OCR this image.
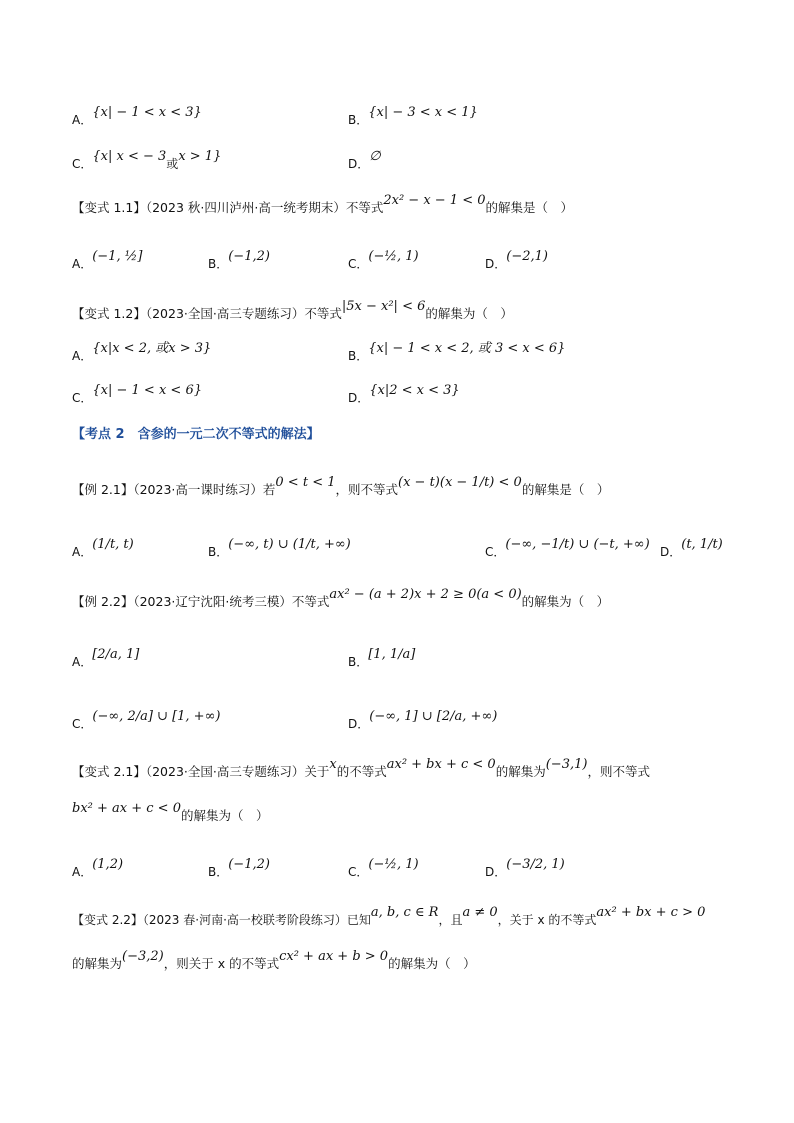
A．{x| − 1 < x < 3}	B．{x| − 3 < x < 1}
C．{x| x < − 3或x > 1}	D．∅
【变式 1.1】（2023 秋·四川泸州·高一统考期末）不等式2x² − x − 1 < 0的解集是（　）
A．(−1, ½]	B．(−1,2)	C．(−½, 1)	D．(−2,1)
【变式 1.2】（2023·全国·高三专题练习）不等式|5x − x²| < 6的解集为（　）
A．{x|x < 2, 或x > 3}	B．{x| − 1 < x < 2, 或 3 < x < 6}
C．{x| − 1 < x < 6}	D．{x|2 < x < 3}
【考点 2　含参的一元二次不等式的解法】
【例 2.1】（2023·高一课时练习）若0 < t < 1，则不等式(x − t)(x − 1/t) < 0的解集是（　）
A．(1/t, t)	B．(−∞, t) ∪ (1/t, +∞)	C．(−∞, −1/t) ∪ (−t, +∞) D．(t, 1/t)
【例 2.2】（2023·辽宁沈阳·统考三模）不等式ax² − (a + 2)x + 2 ≥ 0(a < 0)的解集为（　）
A．[2/a, 1]	B．[1, 1/a]
C．(−∞, 2/a] ∪ [1, +∞)	D．(−∞, 1] ∪ [2/a, +∞)
【变式 2.1】（2023·全国·高三专题练习）关于x的不等式ax² + bx + c < 0的解集为(−3,1)，则不等式
bx² + ax + c < 0的解集为（　）
A．(1,2)	B．(−1,2)	C．(−½, 1)	D．(−3/2, 1)
【变式 2.2】（2023 春·河南·高一校联考阶段练习）已知a, b, c ∈ R，且a ≠ 0，关于 x 的不等式ax² + bx + c > 0
的解集为(−3,2)，则关于 x 的不等式cx² + ax + b > 0的解集为（　）
